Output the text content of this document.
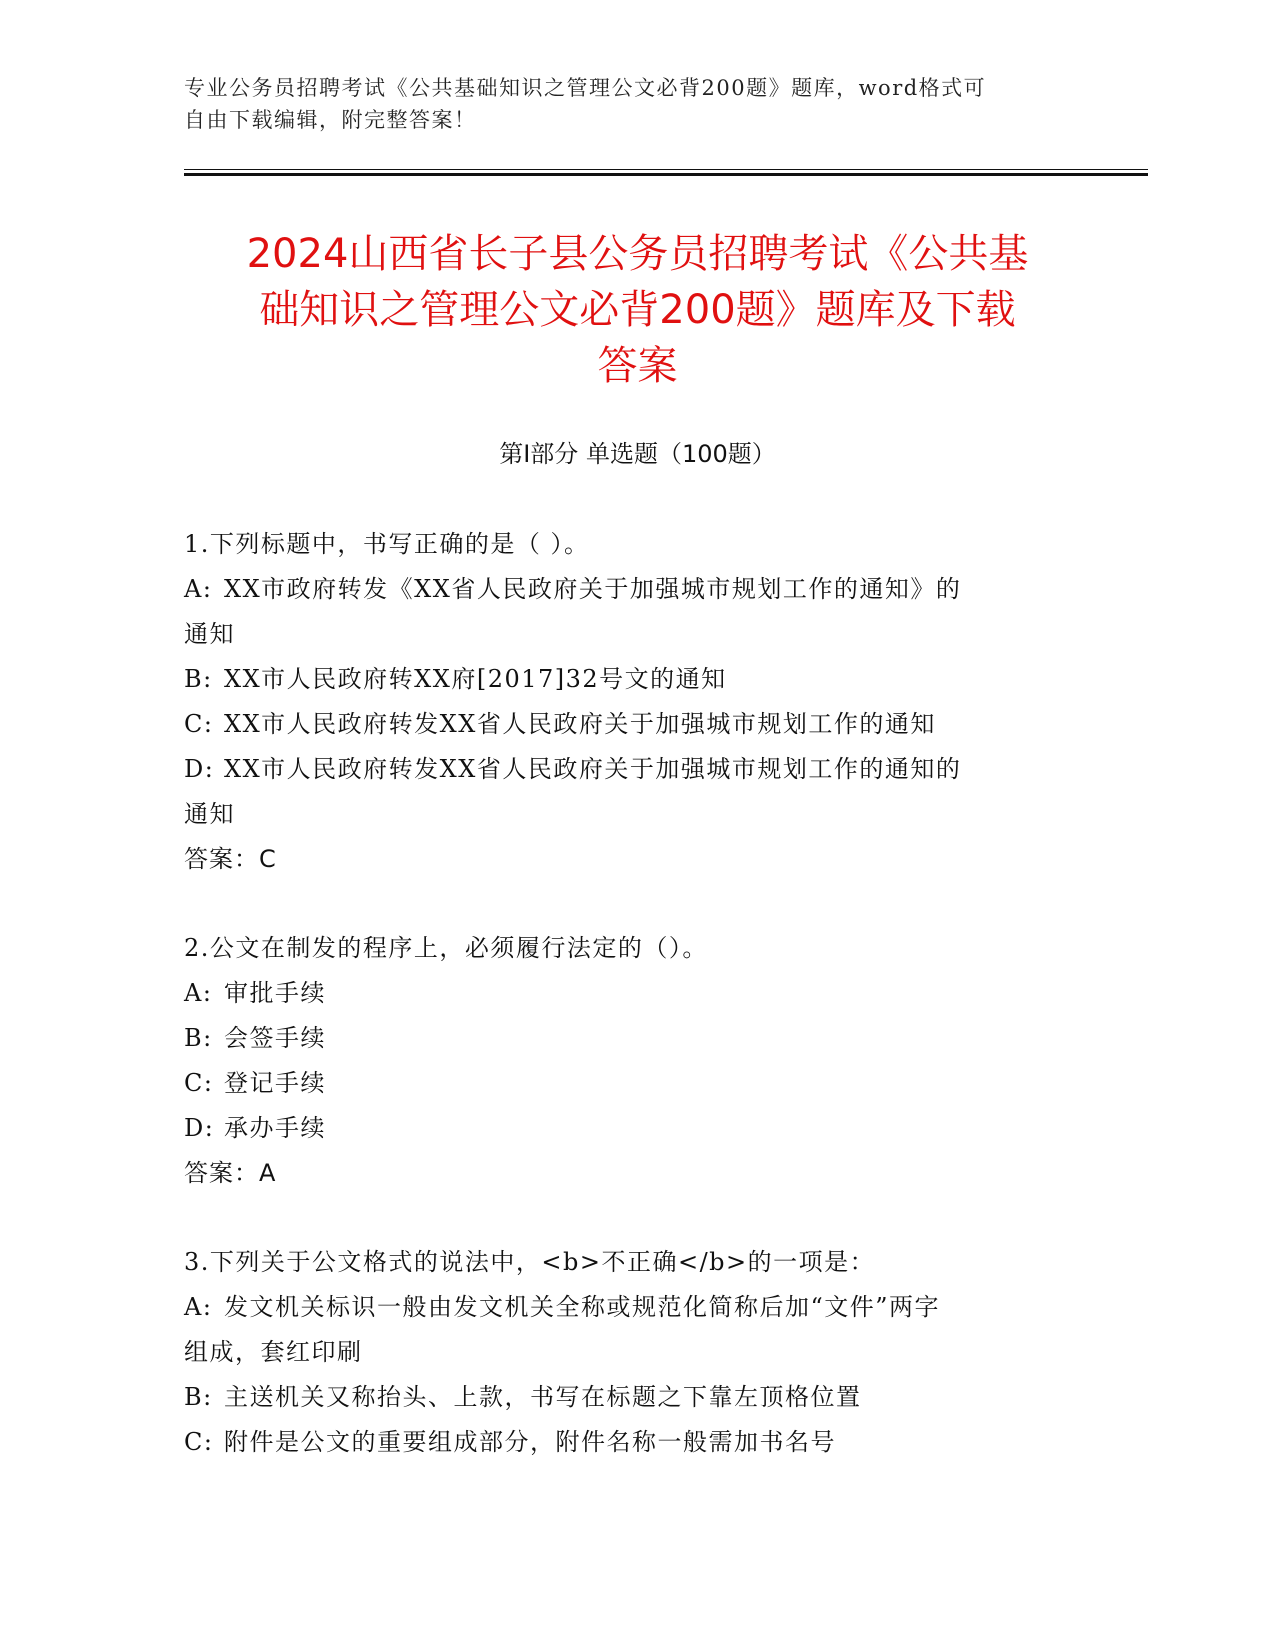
专业公务员招聘考试《公共基础知识之管理公文必背200题》题库，word格式可
自由下载编辑，附完整答案！
2024山西省长子县公务员招聘考试《公共基
础知识之管理公文必背200题》题库及下载
答案
第I部分 单选题（100题）

1.下列标题中，书写正确的是（ ）。

A: XX市政府转发《XX省人民政府关于加强城市规划工作的通知》的

通知

B: XX市人民政府转XX府[2017]32号文的通知

C: XX市人民政府转发XX省人民政府关于加强城市规划工作的通知

D: XX市人民政府转发XX省人民政府关于加强城市规划工作的通知的

通知

答案：C

2.公文在制发的程序上，必须履行法定的（）。

A: 审批手续

B: 会签手续

C: 登记手续

D: 承办手续

答案：A

3.下列关于公文格式的说法中，<b>不正确</b>的一项是：

A: 发文机关标识一般由发文机关全称或规范化简称后加“文件”两字

组成，套红印刷

B: 主送机关又称抬头、上款，书写在标题之下靠左顶格位置

C: 附件是公文的重要组成部分，附件名称一般需加书名号
